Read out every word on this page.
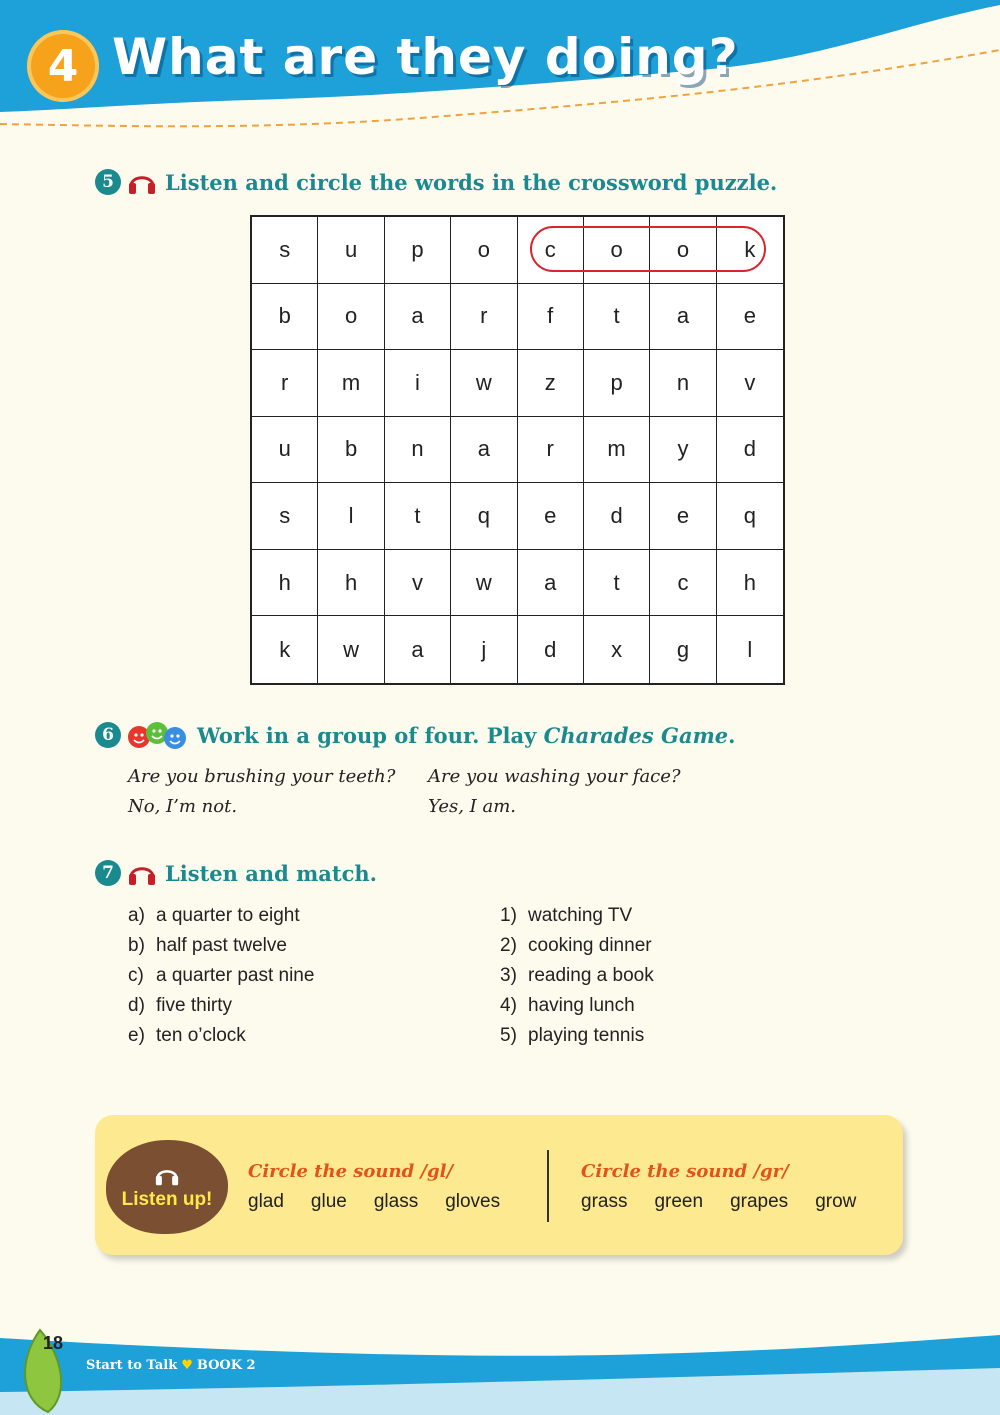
4 What are they doing?
5	Listen and circle the words in the crossword puzzle.
s	u	p	o	c	o	o	k
b	o	a	r	f	t	a	e
r	m	i	w	z	p	n	v
u	b	n	a	r	m	y	d
s	l	t	q	e	d	e	q
h	h	v	w	a	t	c	h
k	w	a	j	d	x	g	l
6	Work in a group of four. Play Charades Game .
Are you brushing your teeth?
No, I’m not.
Are you washing your face?
Yes, I am.
7	Listen and match.
a) a quarter to eight
b) half past twelve
c) a quarter past nine
d) five thirty
e) ten o’clock
1) watching TV
2) cooking dinner
3) reading a book
4) having lunch
5) playing tennis
Listen up!
Circle the sound /gl/
glad glue glass gloves
Circle the sound /gr/
grass green grapes grow
18
Start to Talk ♥ BOOK 2
